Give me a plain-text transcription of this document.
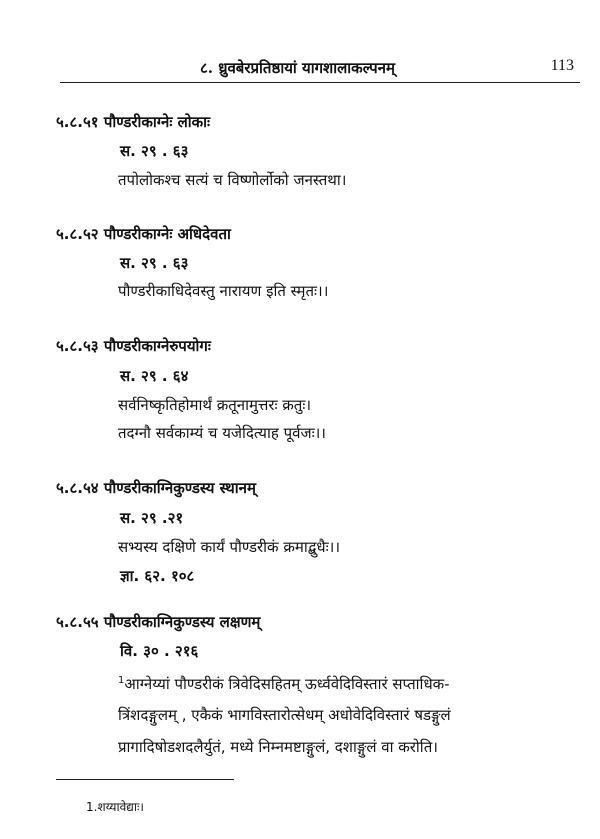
८. ध्रुवबेरप्रतिष्ठायां यागशालाकल्पनम्	113
५.८.५१ पौण्डरीकाग्नेः लोकाः
स. २९ . ६३
तपोलोकश्च सत्यं च विष्णोर्लोको जनस्तथा।
५.८.५२ पौण्डरीकाग्नेः अधिदेवता
स. २९ . ६३
पौण्डरीकाधिदेवस्तु नारायण इति स्मृतः।।
५.८.५३ पौण्डरीकाग्नेरुपयोगः
स. २९ . ६४
सर्वनिष्कृतिहोमार्थं क्रतूनामुत्तरः क्रतुः।
तदग्नौ सर्वकाम्यं च यजेदित्याह पूर्वजः।।
५.८.५४ पौण्डरीकाग्निकुण्डस्य स्थानम्
स. २९ .२१
सभ्यस्य दक्षिणे कार्यं पौण्डरीकं क्रमाद्बुधैः।।
ज्ञा. ६२. १०८
५.८.५५ पौण्डरीकाग्निकुण्डस्य लक्षणम्
वि. ३० . २१६
$^1$आग्नेय्यां पौण्डरीकं त्रिवेदिसहितम् ऊर्ध्ववेदिविस्तारं सप्ताधिक-
त्रिंशदङ्गुलम् , एकैकं भागविस्तारोत्सेधम् अधोवेदिविस्तारं षडङ्गुलं
प्रागादिषोडशदलैर्युतं, मध्ये निम्नमष्टाङ्गुलं, दशाङ्गुलं वा करोति।
1.शय्यावेद्याः।
